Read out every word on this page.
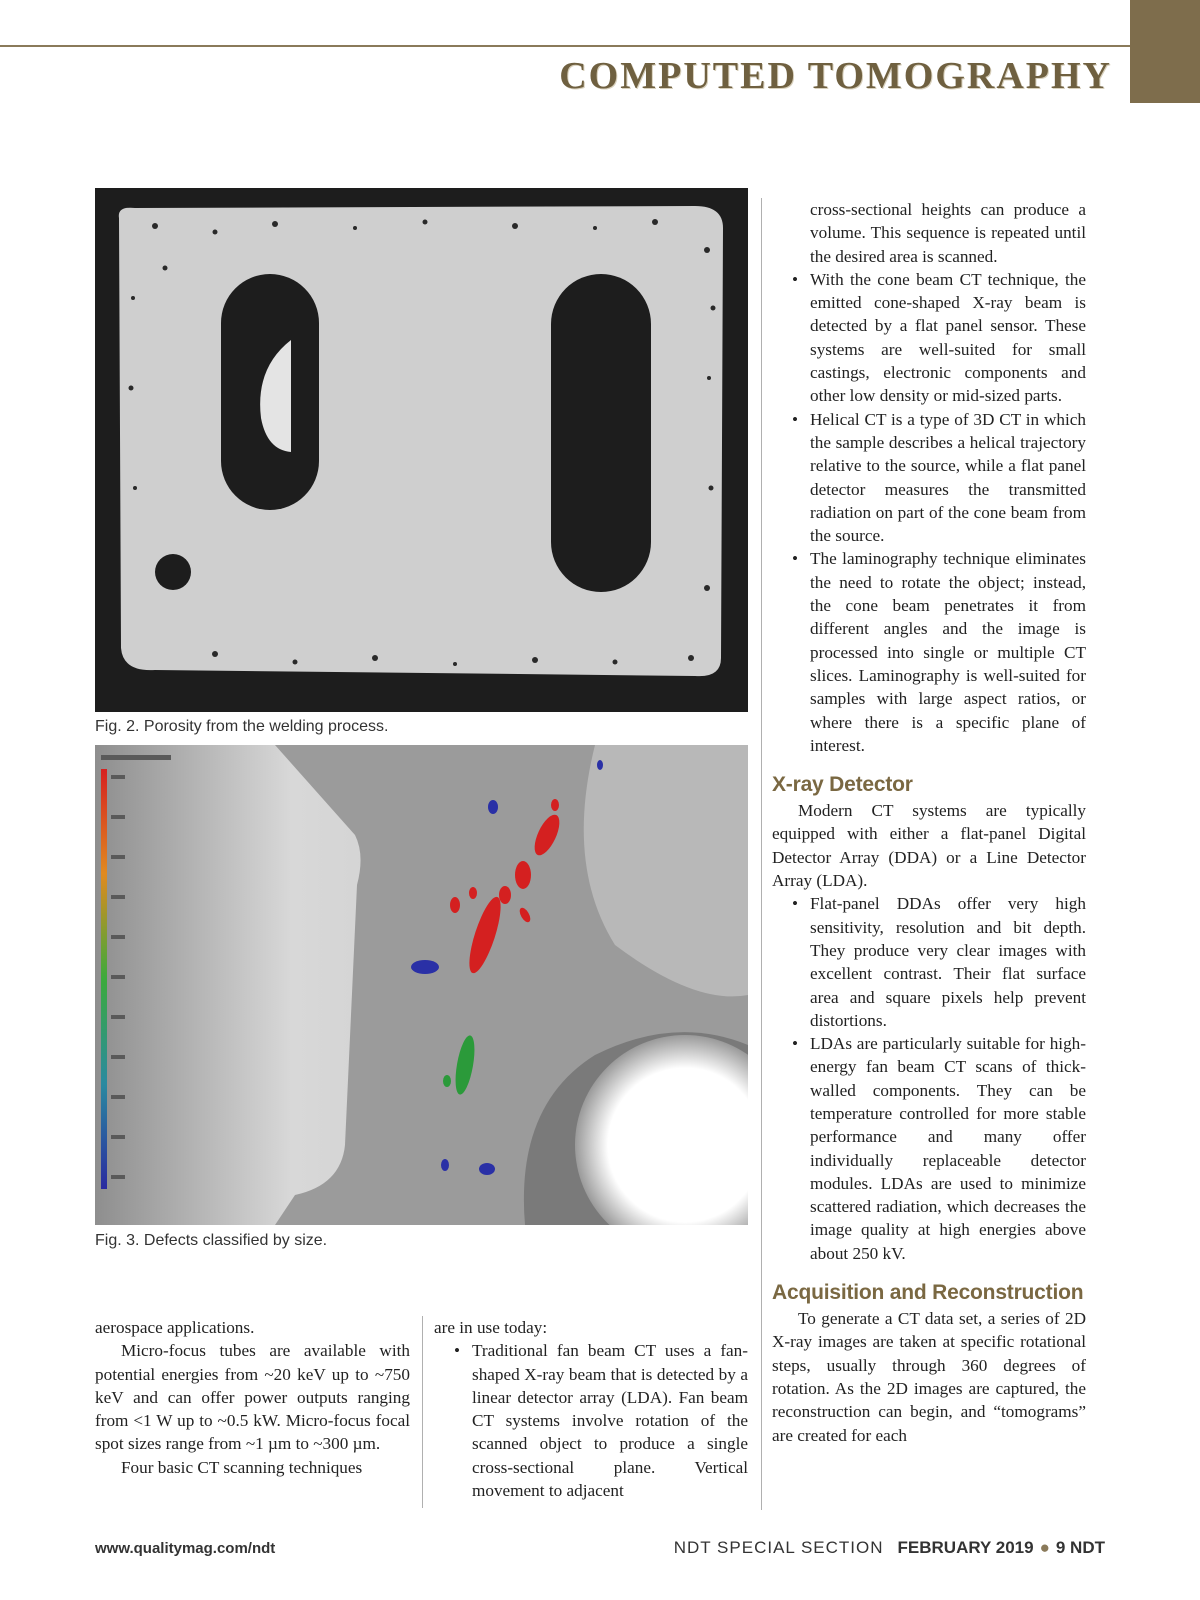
COMPUTED TOMOGRAPHY
Fig. 2. Porosity from the welding process.
Fig. 3. Defects classified by size.
cross-sectional heights can produce a volume. This sequence is repeated until the desired area is scanned.
• With the cone beam CT technique, the emitted cone-shaped X-ray beam is detected by a flat panel sensor. These systems are well-suited for small castings, electronic components and other low density or mid-sized parts.
• Helical CT is a type of 3D CT in which the sample describes a helical trajectory relative to the source, while a flat panel detector measures the transmitted radiation on part of the cone beam from the source.
• The laminography technique eliminates the need to rotate the object; instead, the cone beam penetrates it from different angles and the image is processed into single or multiple CT slices. Laminography is well-suited for samples with large aspect ratios, or where there is a specific plane of interest.
X-ray Detector

Modern CT systems are typically equipped with either a flat-panel Digital Detector Array (DDA) or a Line Detector Array (LDA).

• Flat-panel DDAs offer very high sensitivity, resolution and bit depth. They produce very clear images with excellent contrast. Their flat surface area and square pixels help prevent distortions.
• LDAs are particularly suitable for high-energy fan beam CT scans of thick-walled components. They can be temperature controlled for more stable performance and many offer individually replaceable detector modules. LDAs are used to minimize scattered radiation, which decreases the image quality at high energies above about 250 kV.
Acquisition and Reconstruction

To generate a CT data set, a series of 2D X-ray images are taken at specific rotational steps, usually through 360 degrees of rotation. As the 2D images are captured, the reconstruction can begin, and “tomograms” are created for each

aerospace applications.

Micro-focus tubes are available with potential energies from ~20 keV up to ~750 keV and can offer power outputs ranging from <1 W up to ~0.5 kW. Micro-focus focal spot sizes range from ~1 µm to ~300 µm.

Four basic CT scanning techniques

are in use today:

• Traditional fan beam CT uses a fan-shaped X-ray beam that is detected by a linear detector array (LDA). Fan beam CT systems involve rotation of the scanned object to produce a single cross-sectional plane. Vertical movement to adjacent
www.qualitymag.com/ndt	NDT SPECIAL SECTION FEBRUARY 2019 ● 9 NDT
